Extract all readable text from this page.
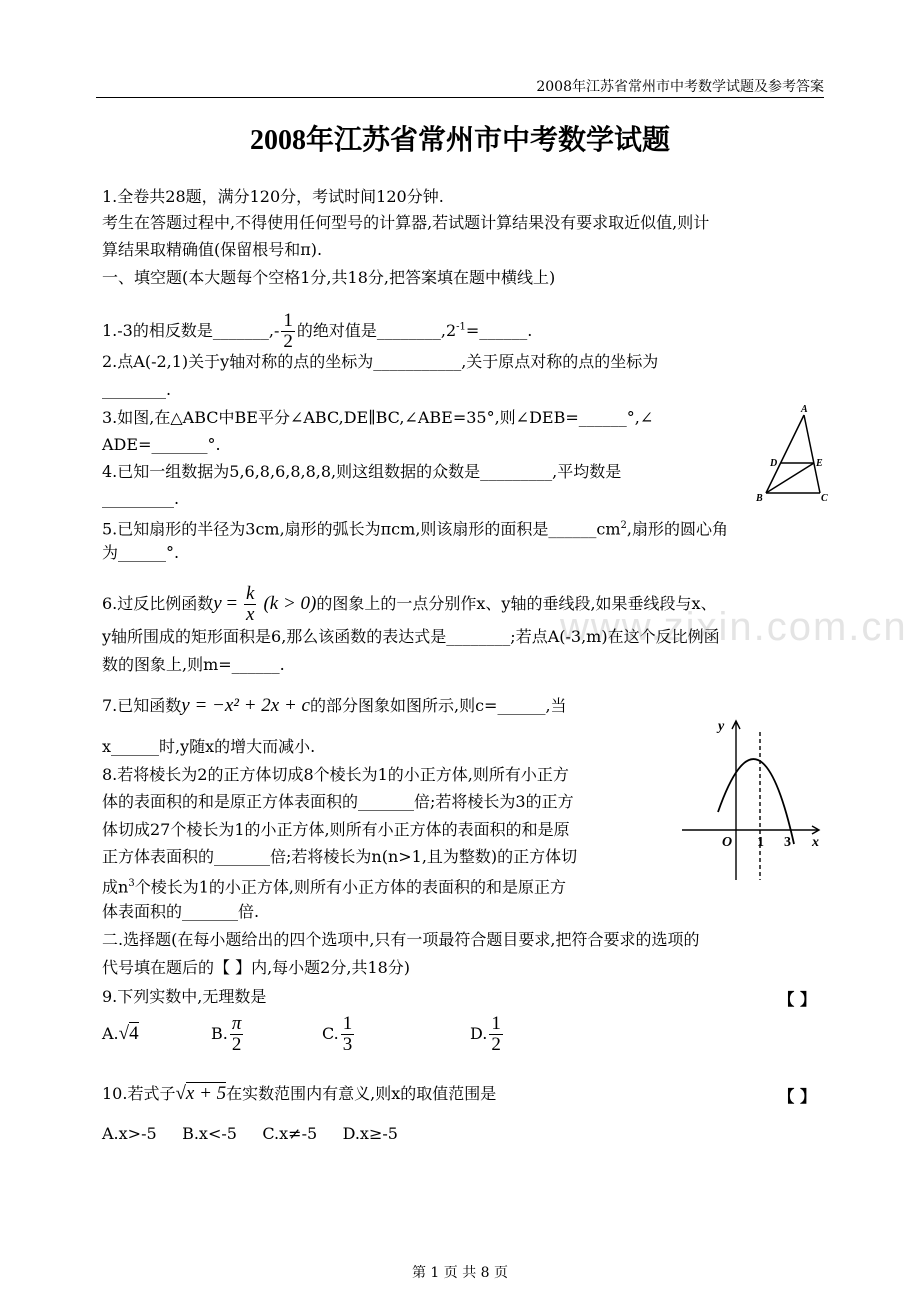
2008年江苏省常州市中考数学试题及参考答案
2008年江苏省常州市中考数学试题
www.zixin.com.cn
1.全卷共28题，满分120分，考试时间120分钟.
考生在答题过程中,不得使用任何型号的计算器,若试题计算结果没有要求取近似值,则计
算结果取精确值(保留根号和π).
一、填空题(本大题每个空格1分,共18分,把答案填在题中横线上)
1.-3的相反数是_______,- $\frac{1}{2}$ 的绝对值是$\_\_\_\_\_\_\_\_,2^{-1}=\_\_\_\_\_\_$.
2.点A(-2,1)关于y轴对称的点的坐标为___________,关于原点对称的点的坐标为
________.
3.如图,在△ABC中BE平分∠ABC,DE∥BC,∠ABE=35°,则∠DEB=______°,∠
ADE=_______°.
4.已知一组数据为5,6,8,6,8,8,8,则这组数据的众数是_________,平均数是
_________.
A
B	C
D	E
5.已知扇形的半径为3cm,扇形的弧长为πcm,则该扇形的面积是$\_\_\_\_\_\_cm^2$,扇形的圆心角
为______°.
6.过反比例函数$y = \frac{k}{x} (k > 0)$的图象上的一点分别作x、y轴的垂线段,如果垂线段与x、
y轴所围成的矩形面积是6,那么该函数的表达式是________;若点A(-3,m)在这个反比例函
数的图象上,则m=______.
7.已知函数y = −x² + 2x + c的部分图象如图所示,则c=______,当
x______时,y随x的增大而减小.
8.若将棱长为2的正方体切成8个棱长为1的小正方体,则所有小正方
体的表面积的和是原正方体表面积的_______倍;若将棱长为3的正方
体切成27个棱长为1的小正方体,则所有小正方体的表面积的和是原
正方体表面积的_______倍;若将棱长为n(n>1,且为整数)的正方体切
成$n^3$个棱长为1的小正方体,则所有小正方体的表面积的和是原正方
体表面积的_______倍.
y
x
O 1 3
二.选择题(在每小题给出的四个选项中,只有一项最符合题目要求,把符合要求的选项的
代号填在题后的【 】内,每小题2分,共18分)
9.下列实数中,无理数是	【 】
A.√4	B. $\frac{\pi}{2}$	C. $\frac{1}{3}$	D. $\frac{1}{2}$
10.若式子√x + 5在实数范围内有意义,则x的取值范围是	【 】
A.x>-5     B.x<-5     C.x≠-5     D.x≥-5
第 1 页 共 8 页
